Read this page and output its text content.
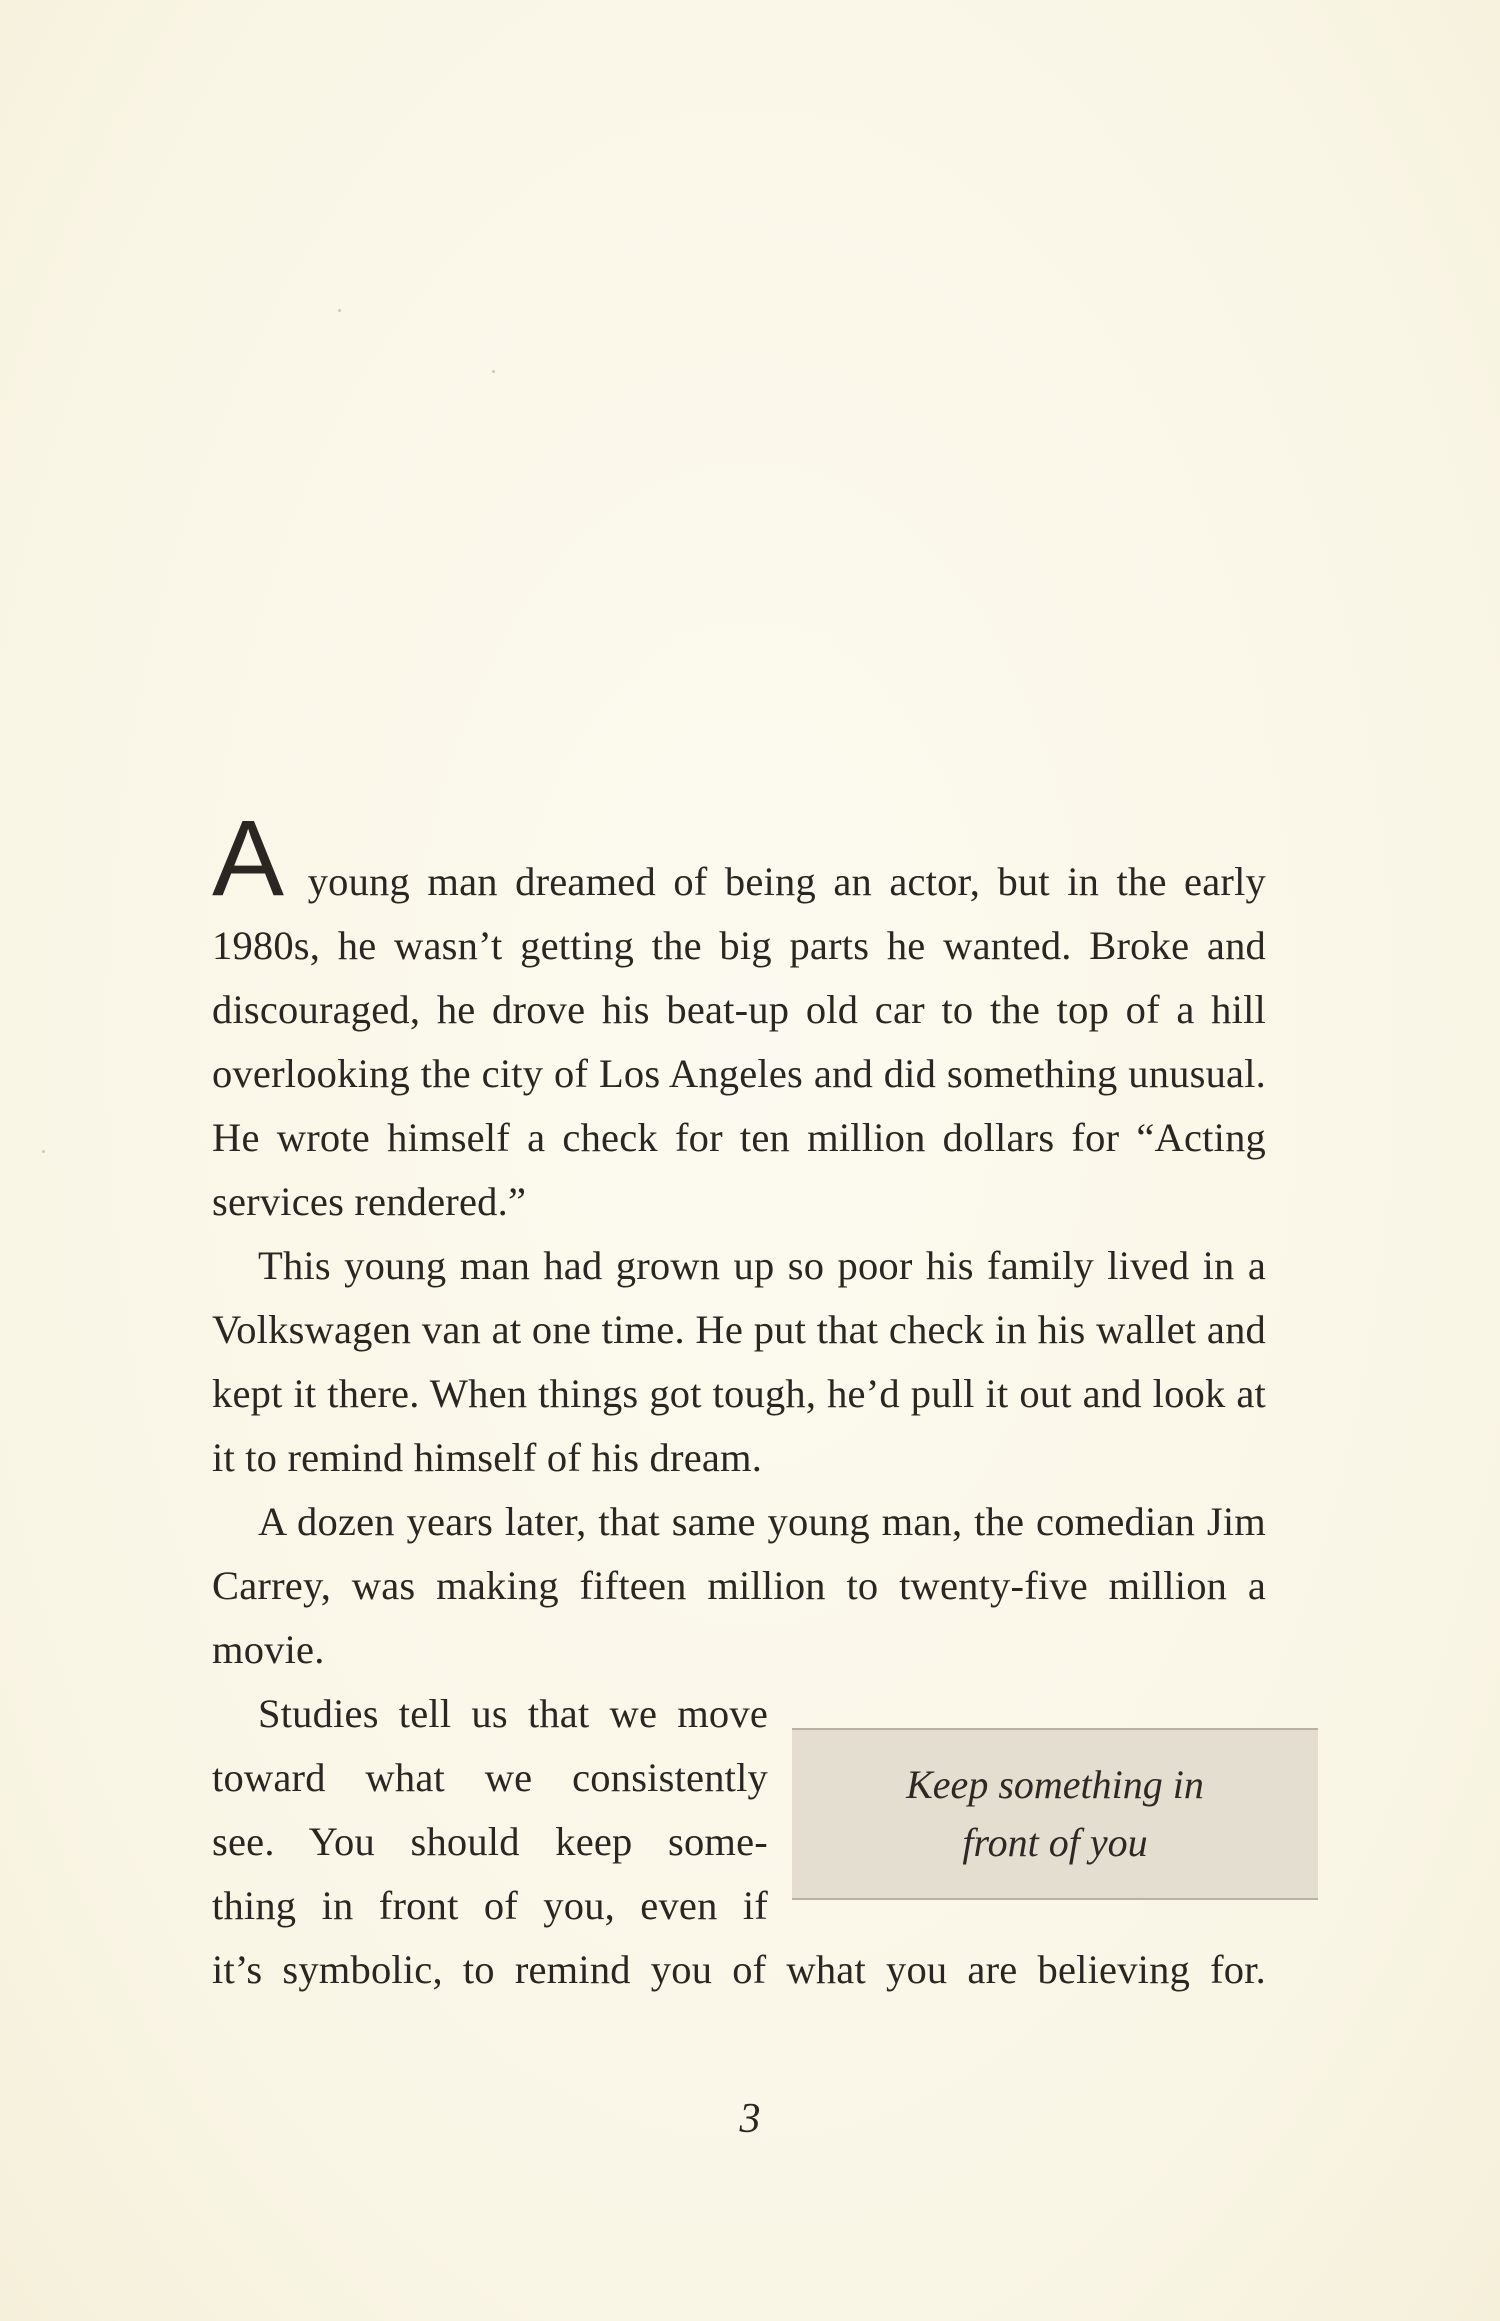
A young man dreamed of being an actor, but in the early 1980s, he wasn’t getting the big parts he wanted. Broke and discouraged, he drove his beat-up old car to the top of a hill overlooking the city of Los Angeles and did something unusual. He wrote himself a check for ten million dollars for “Acting services rendered.”

This young man had grown up so poor his family lived in a Volkswagen van at one time. He put that check in his wallet and kept it there. When things got tough, he’d pull it out and look at it to remind himself of his dream.

A dozen years later, that same young man, the comedian Jim Carrey, was making fifteen million to twenty-five million a movie.

Studies tell us that we move

toward what we consistently

see. You should keep some-

thing in front of you, even if

it’s symbolic, to remind you of what you are believing for.

Keep something in
front of you
3
